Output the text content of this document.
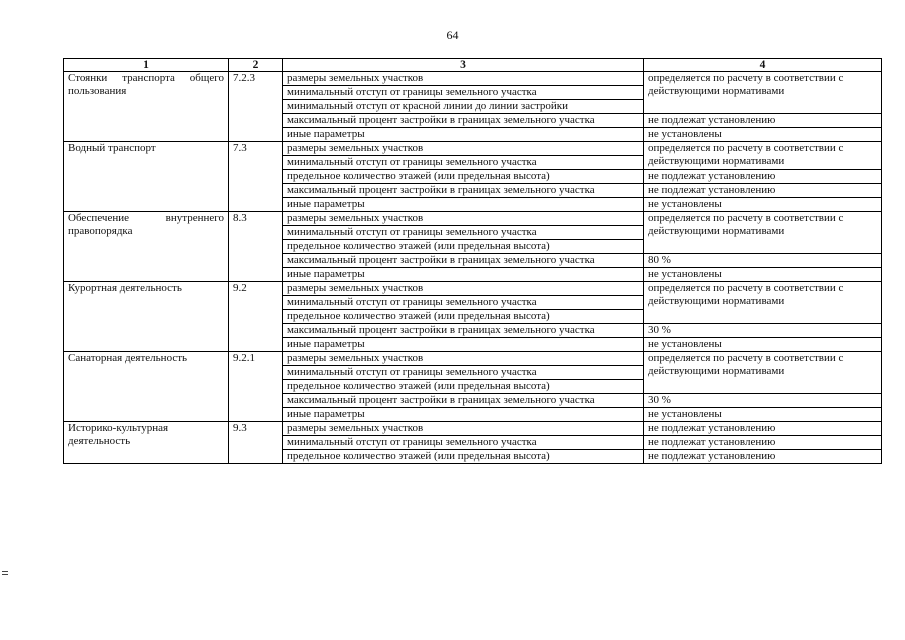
64
1	2	3	4
Стоянки транспорта общего пользования	7.2.3	размеры земельных участков	определяется по расчету в соответствии с действующими нормативами
		минимальный отступ от границы земельного участка	
		минимальный отступ от красной линии до линии застройки	
		максимальный процент застройки в границах земельного участка	не подлежат установлению
		иные параметры	не установлены
Водный транспорт	7.3	размеры земельных участков	определяется по расчету в соответствии с действующими нормативами
		минимальный отступ от границы земельного участка	
		предельное количество этажей (или предельная высота)	не подлежат установлению
		максимальный процент застройки в границах земельного участка	не подлежат установлению
		иные параметры	не установлены
Обеспечение внутреннего правопорядка	8.3	размеры земельных участков	определяется по расчету в соответствии с действующими нормативами
		минимальный отступ от границы земельного участка	
		предельное количество этажей (или предельная высота)	
		максимальный процент застройки в границах земельного участка	80 %
		иные параметры	не установлены
Курортная деятельность	9.2	размеры земельных участков	определяется по расчету в соответствии с действующими нормативами
		минимальный отступ от границы земельного участка	
		предельное количество этажей (или предельная высота)	
		максимальный процент застройки в границах земельного участка	30 %
		иные параметры	не установлены
Санаторная деятельность	9.2.1	размеры земельных участков	определяется по расчету в соответствии с действующими нормативами
		минимальный отступ от границы земельного участка	
		предельное количество этажей (или предельная высота)	
		максимальный процент застройки в границах земельного участка	30 %
		иные параметры	не установлены
Историко-культурная деятельность	9.3	размеры земельных участков	не подлежат установлению
		минимальный отступ от границы земельного участка	не подлежат установлению
		предельное количество этажей (или предельная высота)	не подлежат установлению
